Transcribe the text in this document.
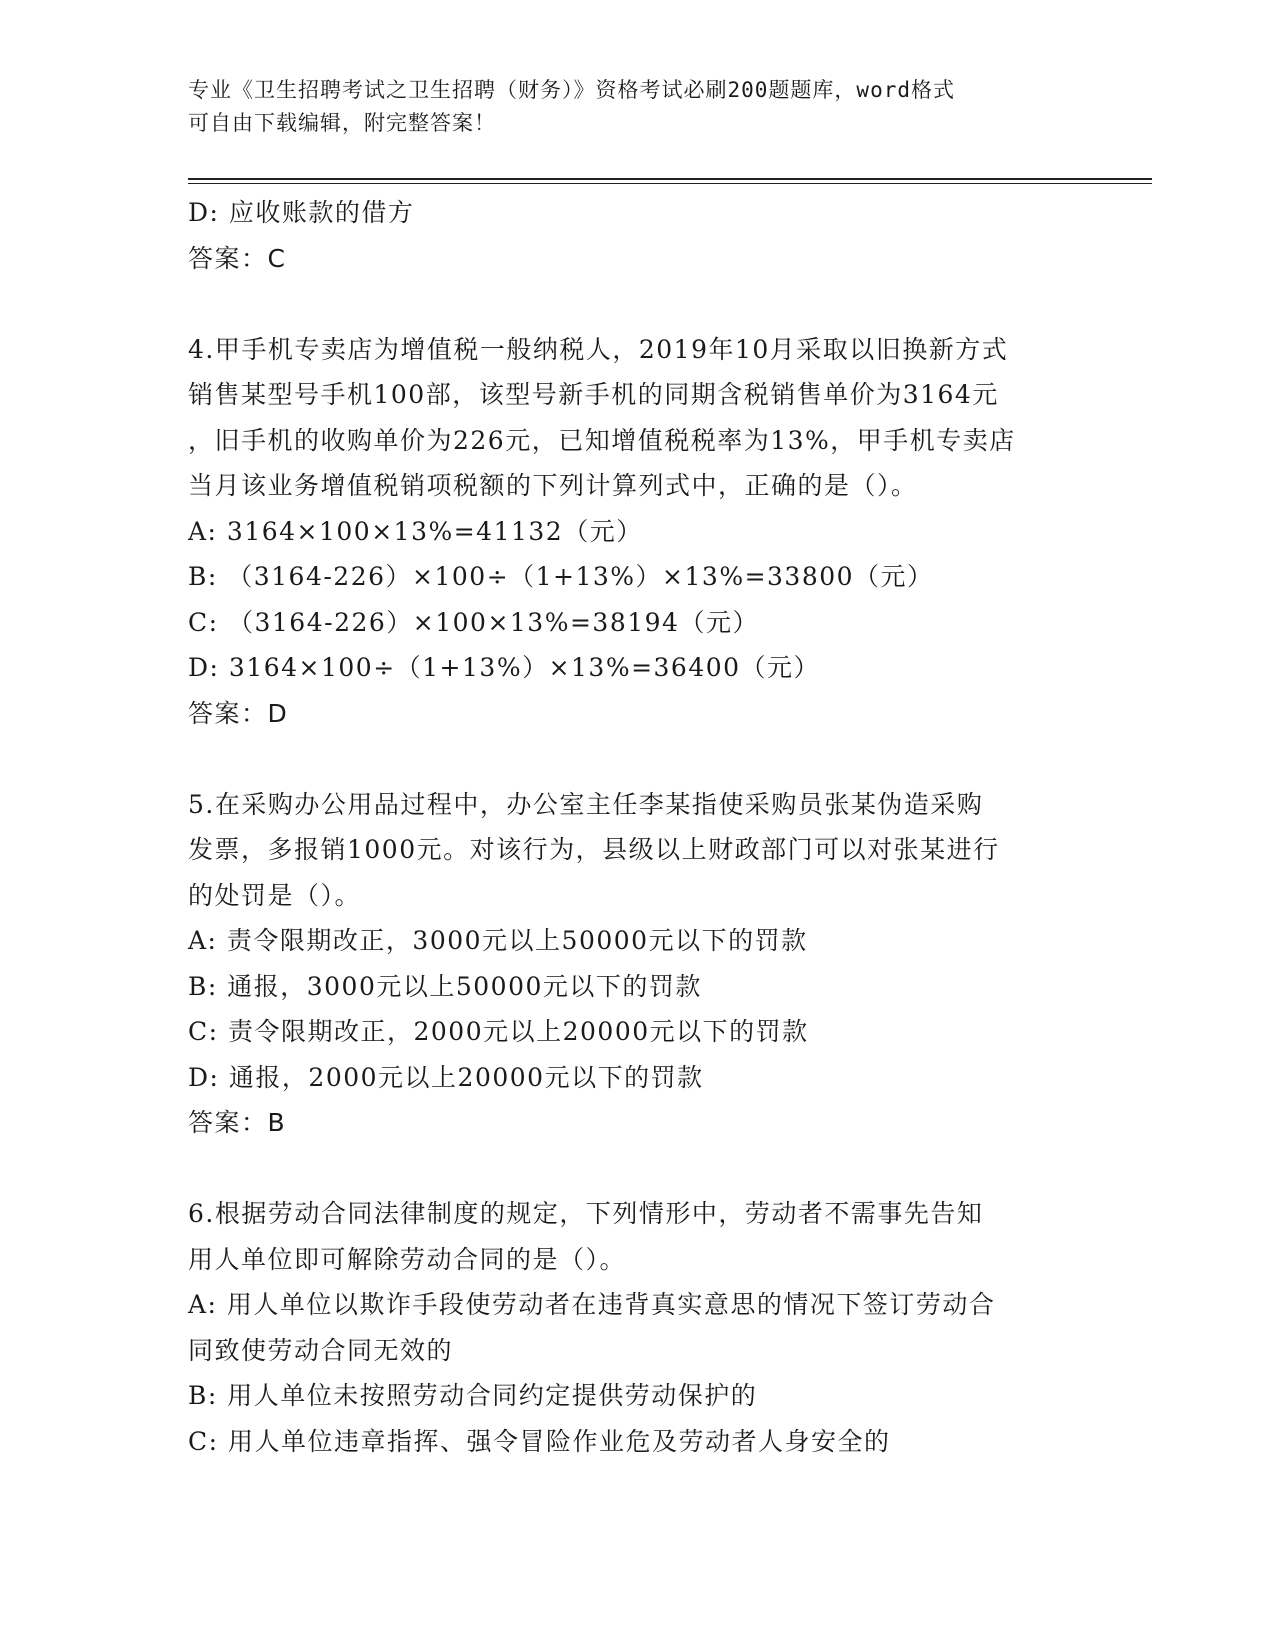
专业《卫生招聘考试之卫生招聘（财务）》资格考试必刷200题题库，word格式
可自由下载编辑，附完整答案！
D: 应收账款的借方
答案：C
4.甲手机专卖店为增值税一般纳税人，2019年10月采取以旧换新方式
销售某型号手机100部，该型号新手机的同期含税销售单价为3164元
，旧手机的收购单价为226元，已知增值税税率为13%，甲手机专卖店
当月该业务增值税销项税额的下列计算列式中，正确的是（）。
A: 3164×100×13%=41132（元）
B: （3164-226）×100÷（1+13%）×13%=33800（元）
C: （3164-226）×100×13%=38194（元）
D: 3164×100÷（1+13%）×13%=36400（元）
答案：D
5.在采购办公用品过程中，办公室主任李某指使采购员张某伪造采购
发票，多报销1000元。对该行为，县级以上财政部门可以对张某进行
的处罚是（）。
A: 责令限期改正，3000元以上50000元以下的罚款
B: 通报，3000元以上50000元以下的罚款
C: 责令限期改正，2000元以上20000元以下的罚款
D: 通报，2000元以上20000元以下的罚款
答案：B
6.根据劳动合同法律制度的规定，下列情形中，劳动者不需事先告知
用人单位即可解除劳动合同的是（）。
A: 用人单位以欺诈手段使劳动者在违背真实意思的情况下签订劳动合
同致使劳动合同无效的
B: 用人单位未按照劳动合同约定提供劳动保护的
C: 用人单位违章指挥、强令冒险作业危及劳动者人身安全的
